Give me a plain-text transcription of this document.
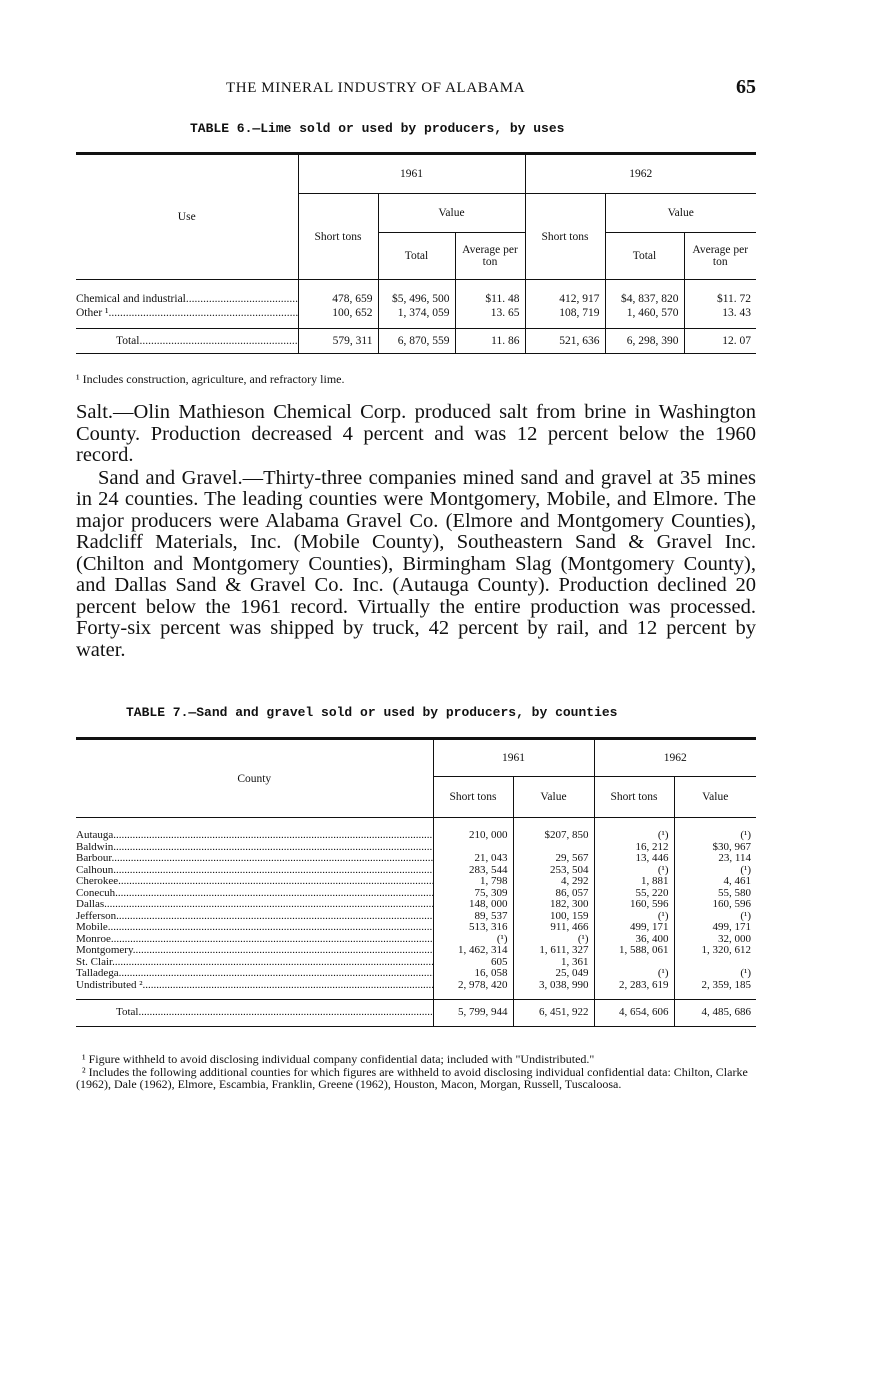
THE MINERAL INDUSTRY OF ALABAMA	65
TABLE 6.—Lime sold or used by producers, by uses
Use	1961			1962		
	Short tons	Value		Short tons	Value	
		Total	Average per ton		Total	Average per ton
Chemical and industrial .....	478, 659	$5, 496, 500	$11. 48	412, 917	$4, 837, 820	$11. 72
Other ¹ .....	100, 652	1, 374, 059	13. 65	108, 719	1, 460, 570	13. 43
Total .....	579, 311	6, 870, 559	11. 86	521, 636	6, 298, 390	12. 07
¹ Includes construction, agriculture, and refractory lime.

Salt.—Olin Mathieson Chemical Corp. produced salt from brine in Washington County. Production decreased 4 percent and was 12 percent below the 1960 record.

Sand and Gravel.—Thirty-three companies mined sand and gravel at 35 mines in 24 counties. The leading counties were Montgomery, Mobile, and Elmore. The major producers were Alabama Gravel Co. (Elmore and Montgomery Counties), Radcliff Materials, Inc. (Mobile County), Southeastern Sand & Gravel Inc. (Chilton and Montgomery Counties), Birmingham Slag (Montgomery County), and Dallas Sand & Gravel Co. Inc. (Autauga County). Production declined 20 percent below the 1961 record. Virtually the entire production was processed. Forty-six percent was shipped by truck, 42 percent by rail, and 12 percent by water.

TABLE 7.—Sand and gravel sold or used by producers, by counties
County	1961		1962	
	Short tons	Value	Short tons	Value
Autauga .....	210, 000	$207, 850	(¹)	(¹)
Baldwin .....			16, 212	$30, 967
Barbour .....	21, 043	29, 567	13, 446	23, 114
Calhoun .....	283, 544	253, 504	(¹)	(¹)
Cherokee .....	1, 798	4, 292	1, 881	4, 461
Conecuh .....	75, 309	86, 057	55, 220	55, 580
Dallas .....	148, 000	182, 300	160, 596	160, 596
Jefferson .....	89, 537	100, 159	(¹)	(¹)
Mobile .....	513, 316	911, 466	499, 171	499, 171
Monroe .....	(¹)	(¹)	36, 400	32, 000
Montgomery .....	1, 462, 314	1, 611, 327	1, 588, 061	1, 320, 612
St. Clair .....	605	1, 361		
Talladega .....	16, 058	25, 049	(¹)	(¹)
Undistributed ² .....	2, 978, 420	3, 038, 990	2, 283, 619	2, 359, 185
Total .....	5, 799, 944	6, 451, 922	4, 654, 606	4, 485, 686

¹ Figure withheld to avoid disclosing individual company confidential data; included with "Undistributed."

² Includes the following additional counties for which figures are withheld to avoid disclosing individual confidential data: Chilton, Clarke (1962), Dale (1962), Elmore, Escambia, Franklin, Greene (1962), Houston, Macon, Morgan, Russell, Tuscaloosa.
